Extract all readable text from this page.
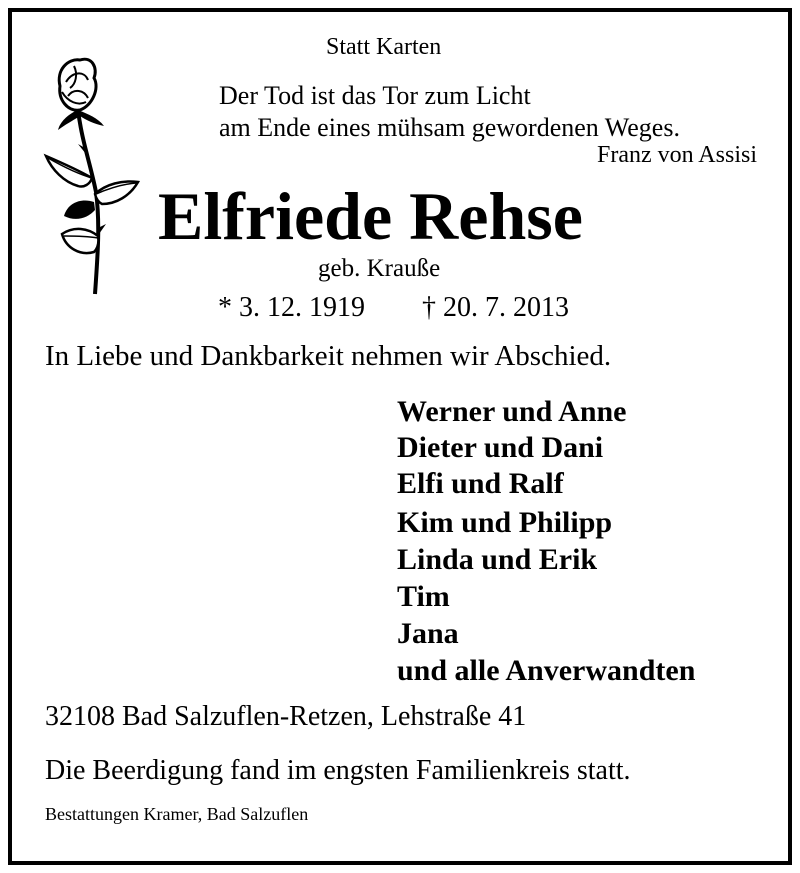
Statt Karten
Der Tod ist das Tor zum Licht
am Ende eines mühsam gewordenen Weges.
Franz von Assisi
Elfriede Rehse
geb. Krauße
* 3. 12. 1919 † 20. 7. 2013
In Liebe und Dankbarkeit nehmen wir Abschied.
Werner und Anne
Dieter und Dani
Elfi und Ralf
Kim und Philipp
Linda und Erik
Tim
Jana
und alle Anverwandten
32108 Bad Salzuflen-Retzen, Lehstraße 41
Die Beerdigung fand im engsten Familienkreis statt.
Bestattungen Kramer, Bad Salzuflen
